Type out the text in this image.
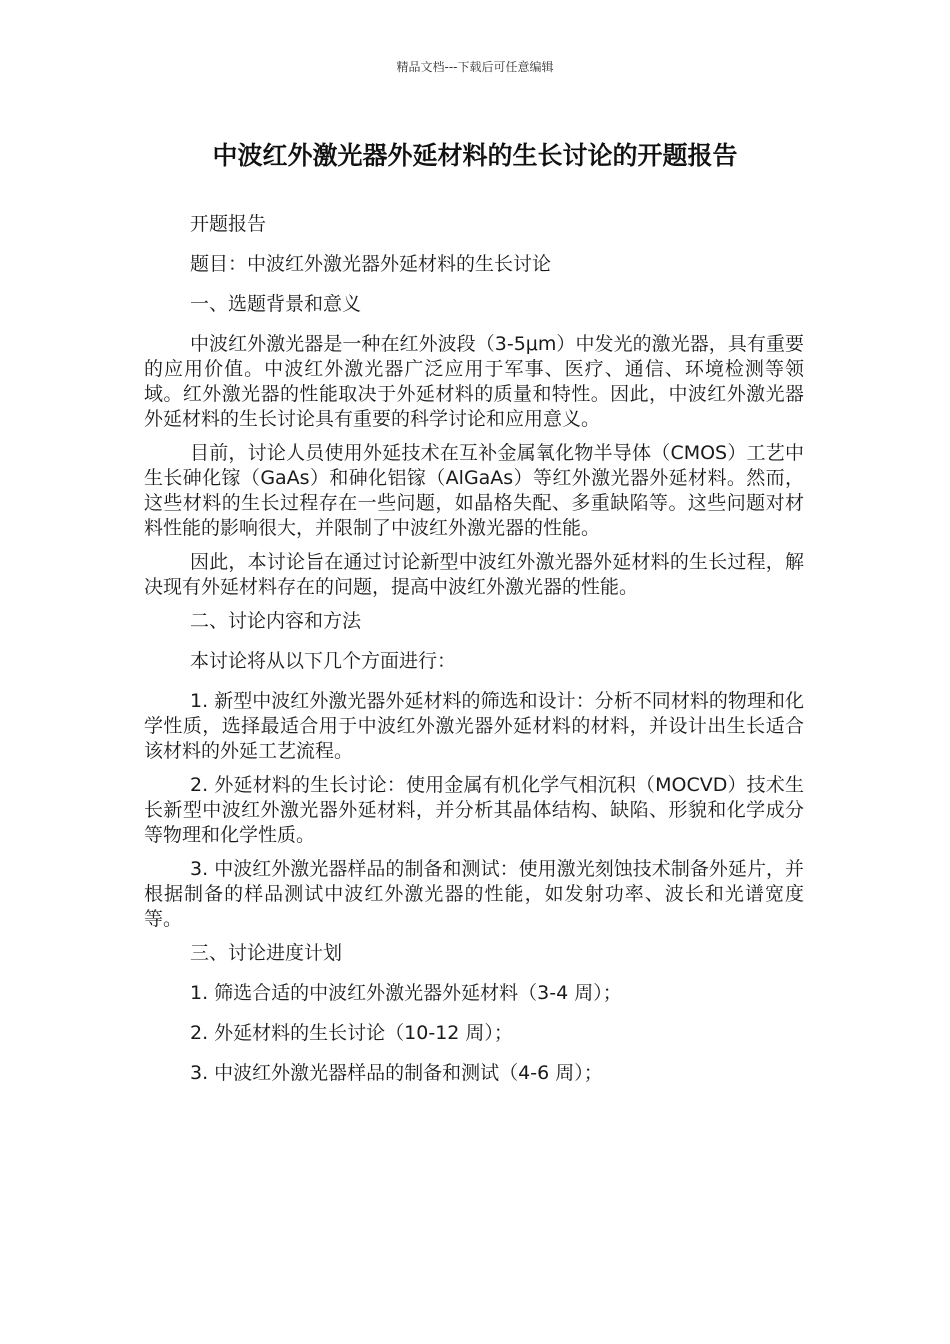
精品文档---下载后可任意编辑
中波红外激光器外延材料的生长讨论的开题报告

开题报告

题目：中波红外激光器外延材料的生长讨论

一、选题背景和意义

中波红外激光器是一种在红外波段（3-5μm）中发光的激光器，具有重要的应用价值。中波红外激光器广泛应用于军事、医疗、通信、环境检测等领域。红外激光器的性能取决于外延材料的质量和特性。因此，中波红外激光器外延材料的生长讨论具有重要的科学讨论和应用意义。

目前，讨论人员使用外延技术在互补金属氧化物半导体（CMOS）工艺中生长砷化镓（GaAs）和砷化铝镓（AlGaAs）等红外激光器外延材料。然而，这些材料的生长过程存在一些问题，如晶格失配、多重缺陷等。这些问题对材料性能的影响很大，并限制了中波红外激光器的性能。

因此，本讨论旨在通过讨论新型中波红外激光器外延材料的生长过程，解决现有外延材料存在的问题，提高中波红外激光器的性能。

二、讨论内容和方法

本讨论将从以下几个方面进行：

1. 新型中波红外激光器外延材料的筛选和设计：分析不同材料的物理和化学性质，选择最适合用于中波红外激光器外延材料的材料，并设计出生长适合该材料的外延工艺流程。

2. 外延材料的生长讨论：使用金属有机化学气相沉积（MOCVD）技术生长新型中波红外激光器外延材料，并分析其晶体结构、缺陷、形貌和化学成分等物理和化学性质。

3. 中波红外激光器样品的制备和测试：使用激光刻蚀技术制备外延片，并根据制备的样品测试中波红外激光器的性能，如发射功率、波长和光谱宽度等。

三、讨论进度计划

1. 筛选合适的中波红外激光器外延材料（3-4 周）；

2. 外延材料的生长讨论（10-12 周）；

3. 中波红外激光器样品的制备和测试（4-6 周）；
